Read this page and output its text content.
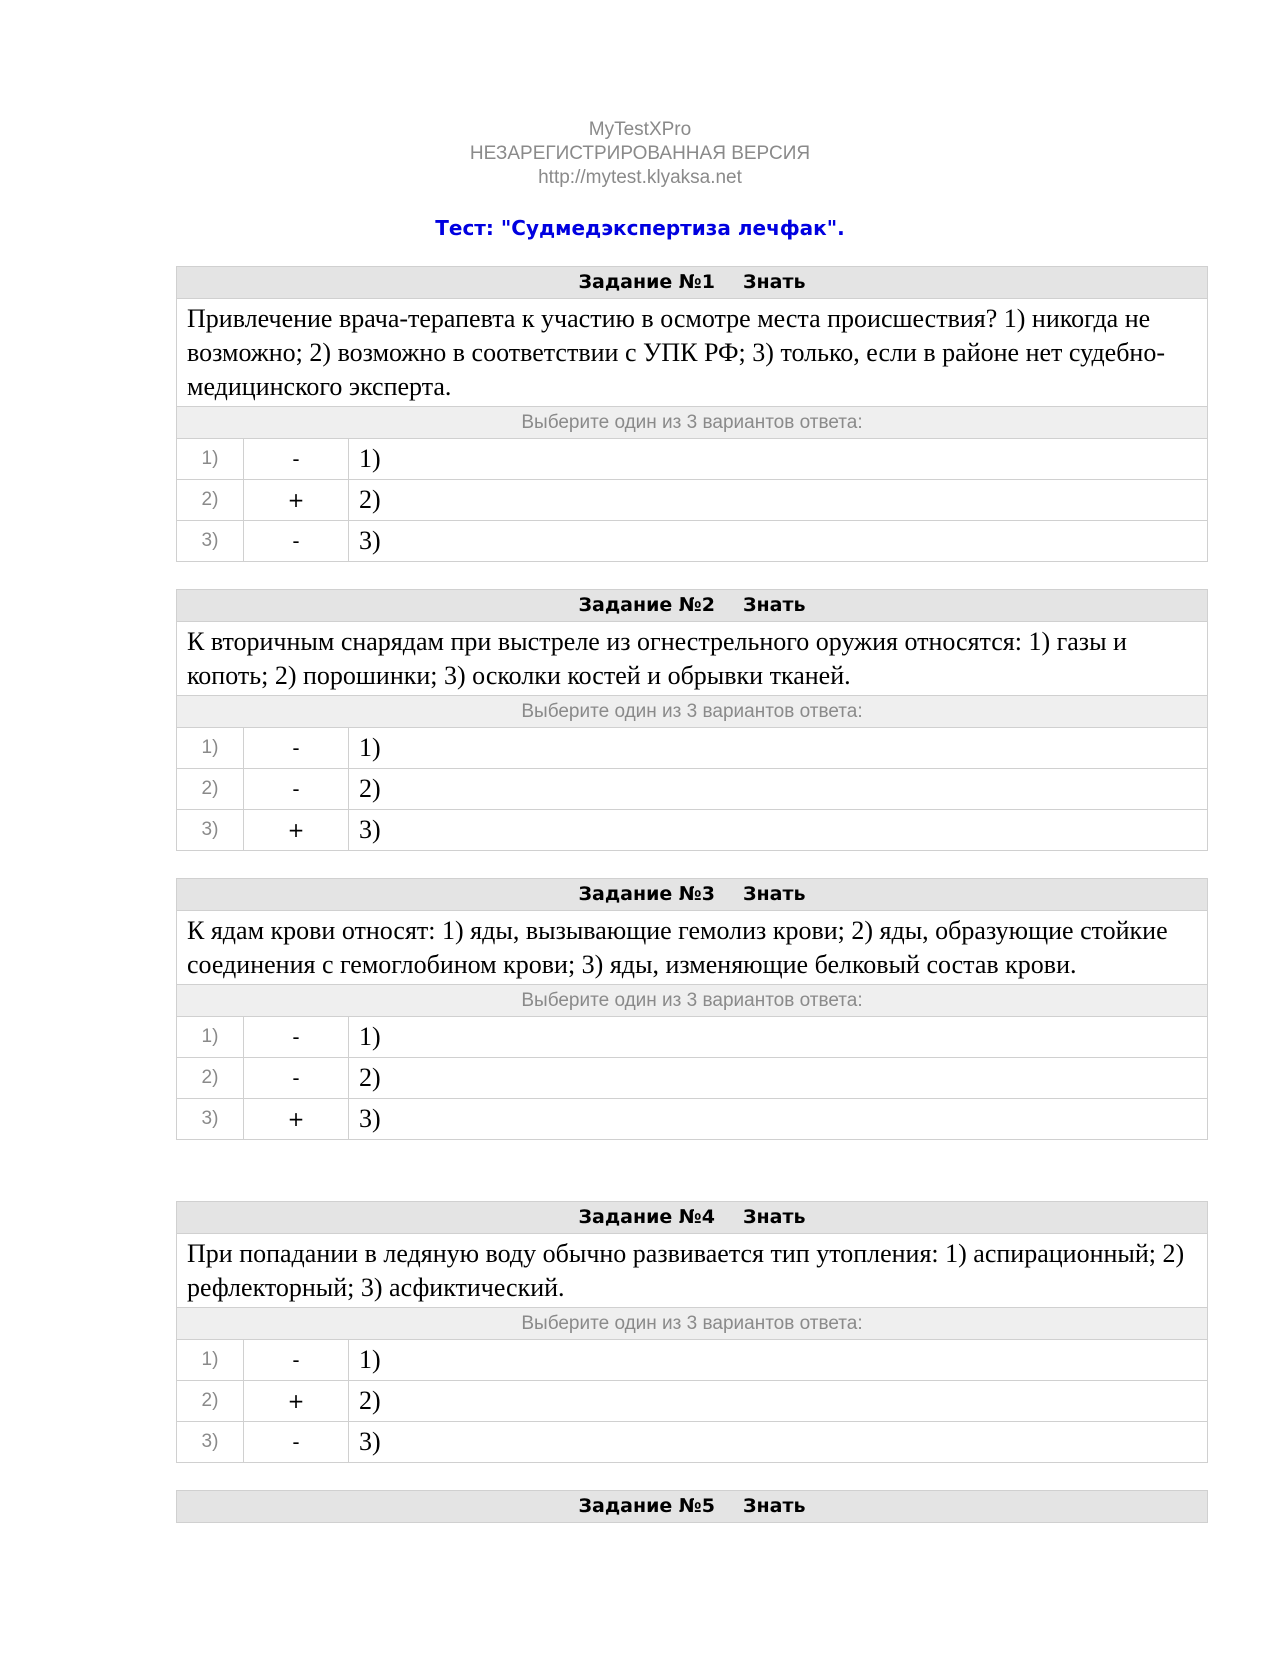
MyTestXPro
НЕЗАРЕГИСТРИРОВАННАЯ ВЕРСИЯ
http://mytest.klyaksa.net
Тест: "Судмедэкспертиза лечфак".
Задание №1 Знать
Привлечение врача-терапевта к участию в осмотре места происшествия? 1) никогда не возможно; 2) возможно в соответствии с УПК РФ; 3) только, если в районе нет судебно-медицинского эксперта.
Выберите один из 3 вариантов ответа:
1)	-	1)
2)	+	2)
3)	-	3)
Задание №2 Знать
К вторичным снарядам при выстреле из огнестрельного оружия относятся: 1) газы и копоть; 2) порошинки; 3) осколки костей и обрывки тканей.
Выберите один из 3 вариантов ответа:
1)	-	1)
2)	-	2)
3)	+	3)
Задание №3 Знать
К ядам крови относят: 1) яды, вызывающие гемолиз крови; 2) яды, образующие стойкие соединения с гемоглобином крови; 3) яды, изменяющие белковый состав крови.
Выберите один из 3 вариантов ответа:
1)	-	1)
2)	-	2)
3)	+	3)
Задание №4 Знать
При попадании в ледяную воду обычно развивается тип утопления: 1) аспирационный; 2) рефлекторный; 3) асфиктический.
Выберите один из 3 вариантов ответа:
1)	-	1)
2)	+	2)
3)	-	3)
Задание №5 Знать
